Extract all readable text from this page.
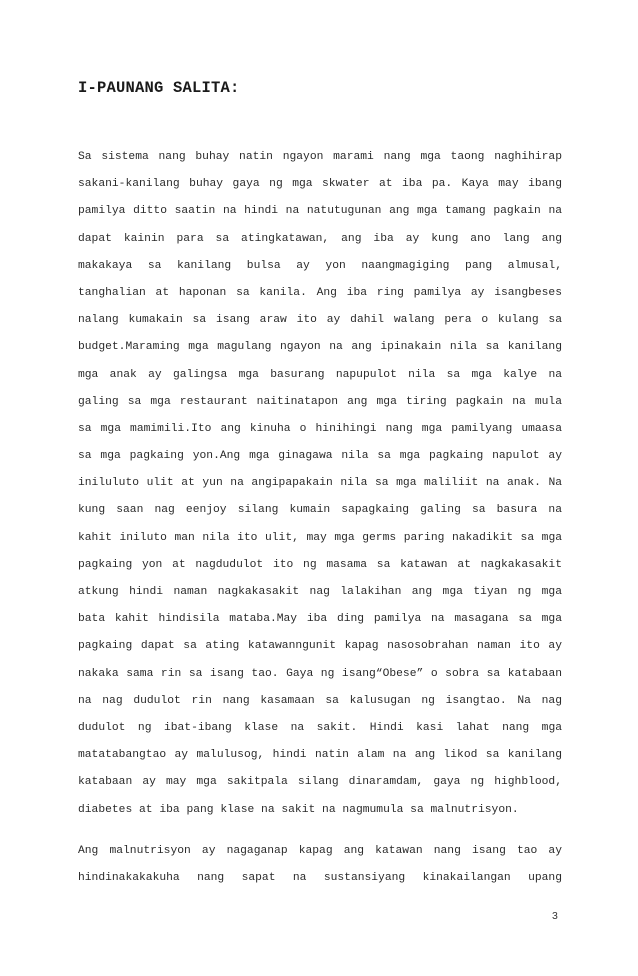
I-PAUNANG SALITA:

Sa sistema nang buhay natin ngayon marami nang mga taong naghihirap
sakani-kanilang buhay gaya ng mga skwater at iba pa. Kaya may ibang
pamilya ditto saatin na hindi na natutugunan ang mga tamang pagkain na
dapat kainin para sa atingkatawan, ang iba ay kung ano lang ang
makakaya sa kanilang bulsa ay yon naangmagiging pang almusal,
tanghalian at haponan sa kanila. Ang iba ring pamilya ay isangbeses
nalang kumakain sa isang araw ito ay dahil walang pera o kulang sa
budget.Maraming mga magulang ngayon na ang ipinakain nila sa kanilang
mga anak ay galingsa mga basurang napupulot nila sa mga kalye na
galing sa mga restaurant naitinatapon ang mga tiring pagkain na mula
sa mga mamimili.Ito ang kinuha o hinihingi nang mga pamilyang umaasa
sa mga pagkaing yon.Ang mga ginagawa nila sa mga pagkaing napulot ay
iniluluto ulit at yun na angipapakain nila sa mga maliliit na anak. Na
kung saan nag eenjoy silang kumain sapagkaing galing sa basura na
kahit iniluto man nila ito ulit, may mga germs paring nakadikit sa mga
pagkaing yon at nagdudulot ito ng masama sa katawan at nagkakasakit
atkung hindi naman nagkakasakit nag lalakihan ang mga tiyan ng mga
bata kahit hindisila mataba.May iba ding pamilya na masagana sa mga
pagkaing dapat sa ating katawanngunit kapag nasosobrahan naman ito ay
nakaka sama rin sa isang tao. Gaya ng isang“Obese” o sobra sa katabaan
na nag dudulot rin nang kasamaan sa kalusugan ng isangtao. Na nag
dudulot ng ibat-ibang klase na sakit. Hindi kasi lahat nang mga
matatabangtao ay malulusog, hindi natin alam na ang likod sa kanilang
katabaan ay may mga sakitpala silang dinaramdam, gaya ng highblood,
diabetes at iba pang klase na sakit na nagmumula sa malnutrisyon.

Ang malnutrisyon ay nagaganap kapag ang katawan nang isang tao ay
hindinakakakuha nang sapat na sustansiyang kinakailangan upang

3
